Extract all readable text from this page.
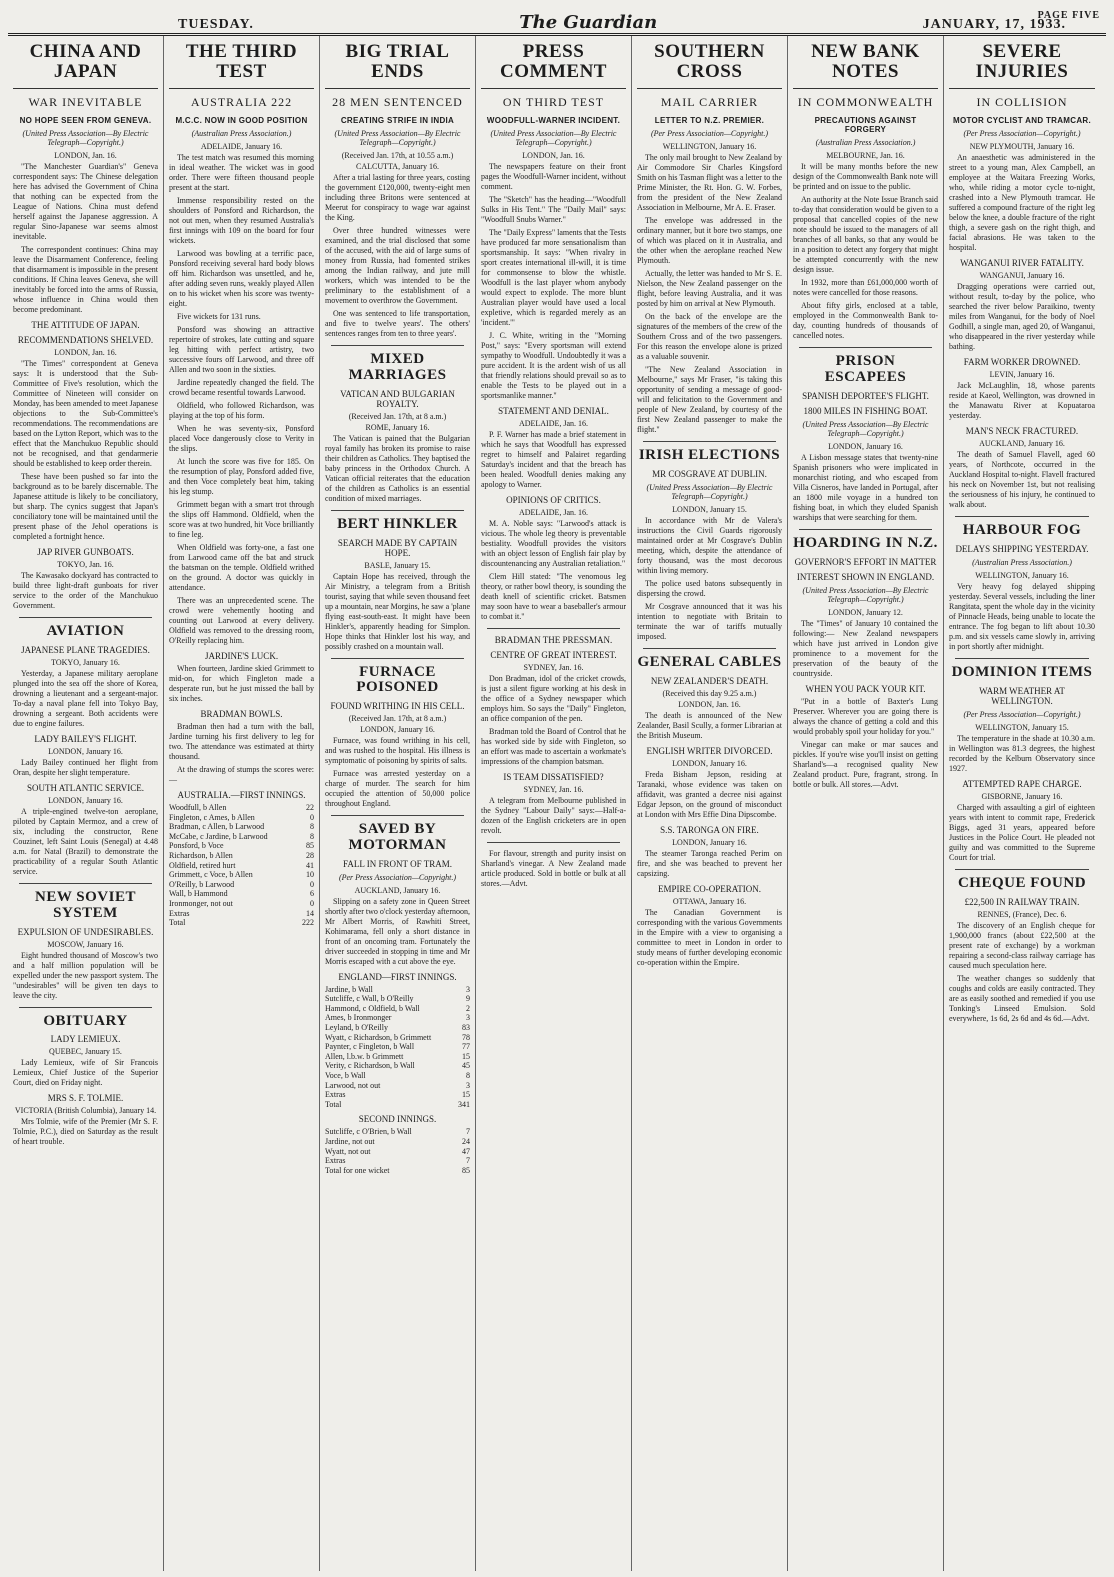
TUESDAY.	The Guardian	JANUARY, 17, 1933.
PAGE FIVE
CHINA AND JAPAN
WAR INEVITABLE
NO HOPE SEEN FROM GENEVA.
(United Press Association—By Electric Telegraph—Copyright.)
LONDON, Jan. 16.

"The Manchester Guardian's" Geneva correspondent says: The Chinese delegation here has advised the Government of China that nothing can be expected from the League of Nations. China must defend herself against the Japanese aggression. A regular Sino-Japanese war seems almost inevitable.

The correspondent continues: China may leave the Disarmament Conference, feeling that disarmament is impossible in the present conditions. If China leaves Geneva, she will inevitably be forced into the arms of Russia, whose influence in China would then become predominant.

THE ATTITUDE OF JAPAN.
RECOMMENDATIONS SHELVED.
LONDON, Jan. 16.

"The Times" correspondent at Geneva says: It is understood that the Sub-Committee of Five's resolution, which the Committee of Nineteen will consider on Monday, has been amended to meet Japanese objections to the Sub-Committee's recommendations. The recommendations are based on the Lytton Report, which was to the effect that the Manchukuo Republic should not be recognised, and that gendarmerie should be established to keep order therein.

These have been pushed so far into the background as to be barely discernable. The Japanese attitude is likely to be conciliatory, but sharp. The cynics suggest that Japan's conciliatory tone will be maintained until the present phase of the Jehol operations is completed a fortnight hence.

JAP RIVER GUNBOATS.
TOKYO, Jan. 16.

The Kawasako dockyard has contracted to build three light-draft gunboats for river service to the order of the Manchukuo Government.

AVIATION
JAPANESE PLANE TRAGEDIES.
TOKYO, January 16.

Yesterday, a Japanese military aeroplane plunged into the sea off the shore of Korea, drowning a lieutenant and a sergeant-major. To-day a naval plane fell into Tokyo Bay, drowning a sergeant. Both accidents were due to engine failures.

LADY BAILEY'S FLIGHT.
LONDON, January 16.

Lady Bailey continued her flight from Oran, despite her slight temperature.

SOUTH ATLANTIC SERVICE.
LONDON, January 16.

A triple-engined twelve-ton aeroplane, piloted by Captain Mermoz, and a crew of six, including the constructor, Rene Couzinet, left Saint Louis (Senegal) at 4.48 a.m. for Natal (Brazil) to demonstrate the practicability of a regular South Atlantic service.

NEW SOVIET SYSTEM
EXPULSION OF UNDESIRABLES.
MOSCOW, January 16.

Eight hundred thousand of Moscow's two and a half million population will be expelled under the new passport system. The "undesirables" will be given ten days to leave the city.

OBITUARY
LADY LEMIEUX.
QUEBEC, January 15.

Lady Lemieux, wife of Sir Francois Lemieux, Chief Justice of the Superior Court, died on Friday night.

MRS S. F. TOLMIE.
VICTORIA (British Columbia), January 14.

Mrs Tolmie, wife of the Premier (Mr S. F. Tolmie, P.C.), died on Saturday as the result of heart trouble.

THE THIRD TEST
AUSTRALIA 222
M.C.C. NOW IN GOOD POSITION
(Australian Press Association.)
ADELAIDE, January 16.

The test match was resumed this morning in ideal weather. The wicket was in good order. There were fifteen thousand people present at the start.

Immense responsibility rested on the shoulders of Ponsford and Richardson, the not out men, when they resumed Australia's first innings with 109 on the board for four wickets.

Larwood was bowling at a terrific pace, Ponsford receiving several hard body blows off him. Richardson was unsettled, and he, after adding seven runs, weakly played Allen on to his wicket when his score was twenty-eight.

Five wickets for 131 runs.

Ponsford was showing an attractive repertoire of strokes, late cutting and square leg hitting with perfect artistry, two successive fours off Larwood, and three off Allen and two soon in the sixties.

Jardine repeatedly changed the field. The crowd became resentful towards Larwood.

Oldfield, who followed Richardson, was playing at the top of his form.

When he was seventy-six, Ponsford placed Voce dangerously close to Verity in the slips.

At lunch the score was five for 185. On the resumption of play, Ponsford added five, and then Voce completely beat him, taking his leg stump.

Grimmett began with a smart trot through the slips off Hammond. Oldfield, when the score was at two hundred, hit Voce brilliantly to fine leg.

When Oldfield was forty-one, a fast one from Larwood came off the bat and struck the batsman on the temple. Oldfield writhed on the ground. A doctor was quickly in attendance.

There was an unprecedented scene. The crowd were vehemently hooting and counting out Larwood at every delivery. Oldfield was removed to the dressing room, O'Reilly replacing him.

JARDINE'S LUCK.

When fourteen, Jardine skied Grimmett to mid-on, for which Fingleton made a desperate run, but he just missed the ball by six inches.

BRADMAN BOWLS.

Bradman then had a turn with the ball, Jardine turning his first delivery to leg for two. The attendance was estimated at thirty thousand.

At the drawing of stumps the scores were:—

AUSTRALIA.—FIRST INNINGS.
Woodfull, b Allen	22
Fingleton, c Ames, b Allen	0
Bradman, c Allen, b Larwood	8
McCabe, c Jardine, b Larwood	8
Ponsford, b Voce	85
Richardson, b Allen	28
Oldfield, retired hurt	41
Grimmett, c Voce, b Allen	10
O'Reilly, b Larwood	0
Wall, b Hammond	6
Ironmonger, not out	0
Extras	14
Total	222
BIG TRIAL ENDS
28 MEN SENTENCED
CREATING STRIFE IN INDIA
(United Press Association—By Electric Telegraph—Copyright.)
(Received Jan. 17th, at 10.55 a.m.)
CALCUTTA, January 16.

After a trial lasting for three years, costing the government £120,000, twenty-eight men including three Britons were sentenced at Meerut for conspiracy to wage war against the King.

Over three hundred witnesses were examined, and the trial disclosed that some of the accused, with the aid of large sums of money from Russia, had fomented strikes among the Indian railway, and jute mill workers, which was intended to be the preliminary to the establishment of a movement to overthrow the Government.

One was sentenced to life transportation, and five to twelve years'. The others' sentences ranges from ten to three years'.

MIXED MARRIAGES
VATICAN AND BULGARIAN ROYALTY.
(Received Jan. 17th, at 8 a.m.)
ROME, January 16.

The Vatican is pained that the Bulgarian royal family has broken its promise to raise their children as Catholics. They baptised the baby princess in the Orthodox Church. A Vatican official reiterates that the education of the children as Catholics is an essential condition of mixed marriages.

BERT HINKLER
SEARCH MADE BY CAPTAIN HOPE.
BASLE, January 15.

Captain Hope has received, through the Air Ministry, a telegram from a British tourist, saying that while seven thousand feet up a mountain, near Morgins, he saw a 'plane flying east-south-east. It might have been Hinkler's, apparently heading for Simplon. Hope thinks that Hinkler lost his way, and possibly crashed on a mountain wall.

FURNACE POISONED
FOUND WRITHING IN HIS CELL.
(Received Jan. 17th, at 8 a.m.)
LONDON, January 16.

Furnace, was found writhing in his cell, and was rushed to the hospital. His illness is symptomatic of poisoning by spirits of salts.

Furnace was arrested yesterday on a charge of murder. The search for him occupied the attention of 50,000 police throughout England.

SAVED BY MOTORMAN
FALL IN FRONT OF TRAM.
(Per Press Association—Copyright.)
AUCKLAND, January 16.

Slipping on a safety zone in Queen Street shortly after two o'clock yesterday afternoon, Mr Albert Morris, of Rawhiti Street, Kohimarama, fell only a short distance in front of an oncoming tram. Fortunately the driver succeeded in stopping in time and Mr Morris escaped with a cut above the eye.

ENGLAND—FIRST INNINGS.
Jardine, b Wall	3
Sutcliffe, c Wall, b O'Reilly	9
Hammond, c Oldfield, b Wall	2
Ames, b Ironmonger	3
Leyland, b O'Reilly	83
Wyatt, c Richardson, b Grimmett	78
Paynter, c Fingleton, b Wall	77
Allen, l.b.w. b Grimmett	15
Verity, c Richardson, b Wall	45
Voce, b Wall	8
Larwood, not out	3
Extras	15
Total	341
SECOND INNINGS.
Sutcliffe, c O'Brien, b Wall	7
Jardine, not out	24
Wyatt, not out	47
Extras	7
Total for one wicket	85
PRESS COMMENT
ON THIRD TEST
WOODFULL-WARNER INCIDENT.
(United Press Association—By Electric Telegraph—Copyright.)
LONDON, Jan. 16.

The newspapers feature on their front pages the Woodfull-Warner incident, without comment.

The "Sketch" has the heading—"Woodfull Sulks in His Tent." The "Daily Mail" says: "Woodfull Snubs Warner."

The "Daily Express" laments that the Tests have produced far more sensationalism than sportsmanship. It says: "When rivalry in sport creates international ill-will, it is time for commonsense to blow the whistle. Woodfull is the last player whom anybody would expect to explode. The more blunt Australian player would have used a local expletive, which is regarded merely as an 'incident.'"

J. C. White, writing in the "Morning Post," says: "Every sportsman will extend sympathy to Woodfull. Undoubtedly it was a pure accident. It is the ardent wish of us all that friendly relations should prevail so as to enable the Tests to be played out in a sportsmanlike manner."

STATEMENT AND DENIAL.
ADELAIDE, Jan. 16.

P. F. Warner has made a brief statement in which he says that Woodfull has expressed regret to himself and Palairet regarding Saturday's incident and that the breach has been healed. Woodfull denies making any apology to Warner.

OPINIONS OF CRITICS.
ADELAIDE, Jan. 16.

M. A. Noble says: "Larwood's attack is vicious. The whole leg theory is preventable bestiality. Woodfull provides the visitors with an object lesson of English fair play by discountenancing any Australian retaliation."

Clem Hill stated: "The venomous leg theory, or rather bowl theory, is sounding the death knell of scientific cricket. Batsmen may soon have to wear a baseballer's armour to combat it."

BRADMAN THE PRESSMAN.
CENTRE OF GREAT INTEREST.
SYDNEY, Jan. 16.

Don Bradman, idol of the cricket crowds, is just a silent figure working at his desk in the office of a Sydney newspaper which employs him. So says the "Daily" Fingleton, an office companion of the pen.

Bradman told the Board of Control that he has worked side by side with Fingleton, so an effort was made to ascertain a workmate's impressions of the champion batsman.

IS TEAM DISSATISFIED?
SYDNEY, Jan. 16.

A telegram from Melbourne published in the Sydney "Labour Daily" says:—Half-a-dozen of the English cricketers are in open revolt.

For flavour, strength and purity insist on Sharland's vinegar. A New Zealand made article produced. Sold in bottle or bulk at all stores.—Advt.

SOUTHERN CROSS
MAIL CARRIER
LETTER TO N.Z. PREMIER.
(Per Press Association—Copyright.)
WELLINGTON, January 16.

The only mail brought to New Zealand by Air Commodore Sir Charles Kingsford Smith on his Tasman flight was a letter to the Prime Minister, the Rt. Hon. G. W. Forbes, from the president of the New Zealand Association in Melbourne, Mr A. E. Fraser.

The envelope was addressed in the ordinary manner, but it bore two stamps, one of which was placed on it in Australia, and the other when the aeroplane reached New Plymouth.

Actually, the letter was handed to Mr S. E. Nielson, the New Zealand passenger on the flight, before leaving Australia, and it was posted by him on arrival at New Plymouth.

On the back of the envelope are the signatures of the members of the crew of the Southern Cross and of the two passengers. For this reason the envelope alone is prized as a valuable souvenir.

"The New Zealand Association in Melbourne," says Mr Fraser, "is taking this opportunity of sending a message of good-will and felicitation to the Government and people of New Zealand, by courtesy of the first New Zealand passenger to make the flight."

IRISH ELECTIONS
MR COSGRAVE AT DUBLIN.
(United Press Association—By Electric Telegraph—Copyright.)
LONDON, January 15.

In accordance with Mr de Valera's instructions the Civil Guards rigorously maintained order at Mr Cosgrave's Dublin meeting, which, despite the attendance of forty thousand, was the most decorous within living memory.

The police used batons subsequently in dispersing the crowd.

Mr Cosgrave announced that it was his intention to negotiate with Britain to terminate the war of tariffs mutually imposed.

GENERAL CABLES
NEW ZEALANDER'S DEATH.
(Received this day 9.25 a.m.)
LONDON, Jan. 16.

The death is announced of the New Zealander, Basil Scully, a former Librarian at the British Museum.

ENGLISH WRITER DIVORCED.
LONDON, January 16.

Freda Bisham Jepson, residing at Taranaki, whose evidence was taken on affidavit, was granted a decree nisi against Edgar Jepson, on the ground of misconduct at London with Mrs Effie Dina Dipscombe.

S.S. TARONGA ON FIRE.
LONDON, January 16.

The steamer Taronga reached Perim on fire, and she was beached to prevent her capsizing.

EMPIRE CO-OPERATION.
OTTAWA, January 16.

The Canadian Government is corresponding with the various Governments in the Empire with a view to organising a committee to meet in London in order to study means of further developing economic co-operation within the Empire.

NEW BANK NOTES
IN COMMONWEALTH
PRECAUTIONS AGAINST FORGERY
(Australian Press Association.)
MELBOURNE, Jan. 16.

It will be many months before the new design of the Commonwealth Bank note will be printed and on issue to the public.

An authority at the Note Issue Branch said to-day that consideration would be given to a proposal that cancelled copies of the new note should be issued to the managers of all branches of all banks, so that any would be in a position to detect any forgery that might be attempted concurrently with the new design issue.

In 1932, more than £61,000,000 worth of notes were cancelled for those reasons.

About fifty girls, enclosed at a table, employed in the Commonwealth Bank to-day, counting hundreds of thousands of cancelled notes.

PRISON ESCAPEES
SPANISH DEPORTEE'S FLIGHT.
1800 MILES IN FISHING BOAT.
(United Press Association—By Electric Telegraph—Copyright.)
LONDON, January 16.

A Lisbon message states that twenty-nine Spanish prisoners who were implicated in monarchist rioting, and who escaped from Villa Cisneros, have landed in Portugal, after an 1800 mile voyage in a hundred ton fishing boat, in which they eluded Spanish warships that were searching for them.

HOARDING IN N.Z.
GOVERNOR'S EFFORT IN MATTER
INTEREST SHOWN IN ENGLAND.
(United Press Association—By Electric Telegraph—Copyright.)
LONDON, January 12.

The "Times" of January 10 contained the following:— New Zealand newspapers which have just arrived in London give prominence to a movement for the preservation of the beauty of the countryside.

WHEN YOU PACK YOUR KIT.

"Put in a bottle of Baxter's Lung Preserver. Wherever you are going there is always the chance of getting a cold and this would probably spoil your holiday for you."

Vinegar can make or mar sauces and pickles. If you're wise you'll insist on getting Sharland's—a recognised quality New Zealand product. Pure, fragrant, strong. In bottle or bulk. All stores.—Advt.

SEVERE INJURIES
IN COLLISION
MOTOR CYCLIST AND TRAMCAR.
(Per Press Association—Copyright.)
NEW PLYMOUTH, January 16.

An anaesthetic was administered in the street to a young man, Alex Campbell, an employee at the Waitara Freezing Works, who, while riding a motor cycle to-night, crashed into a New Plymouth tramcar. He suffered a compound fracture of the right leg below the knee, a double fracture of the right thigh, a severe gash on the right thigh, and facial abrasions. He was taken to the hospital.

WANGANUI RIVER FATALITY.
WANGANUI, January 16.

Dragging operations were carried out, without result, to-day by the police, who searched the river below Paraikino, twenty miles from Wanganui, for the body of Noel Godhill, a single man, aged 20, of Wanganui, who disappeared in the river yesterday while bathing.

FARM WORKER DROWNED.
LEVIN, January 16.

Jack McLaughlin, 18, whose parents reside at Kaeol, Wellington, was drowned in the Manawatu River at Kopuataroa yesterday.

MAN'S NECK FRACTURED.
AUCKLAND, January 16.

The death of Samuel Flavell, aged 60 years, of Northcote, occurred in the Auckland Hospital to-night. Flavell fractured his neck on November 1st, but not realising the seriousness of his injury, he continued to walk about.

HARBOUR FOG
DELAYS SHIPPING YESTERDAY.
(Australian Press Association.)
WELLINGTON, January 16.

Very heavy fog delayed shipping yesterday. Several vessels, including the liner Rangitata, spent the whole day in the vicinity of Pinnacle Heads, being unable to locate the entrance. The fog began to lift about 10.30 p.m. and six vessels came slowly in, arriving in port shortly after midnight.

DOMINION ITEMS
WARM WEATHER AT WELLINGTON.
(Per Press Association—Copyright.)
WELLINGTON, January 15.

The temperature in the shade at 10.30 a.m. in Wellington was 81.3 degrees, the highest recorded by the Kelburn Observatory since 1927.

ATTEMPTED RAPE CHARGE.
GISBORNE, January 16.

Charged with assaulting a girl of eighteen years with intent to commit rape, Frederick Biggs, aged 31 years, appeared before Justices in the Police Court. He pleaded not guilty and was committed to the Supreme Court for trial.

CHEQUE FOUND
£22,500 IN RAILWAY TRAIN.
RENNES, (France), Dec. 6.

The discovery of an English cheque for 1,900,000 francs (about £22,500 at the present rate of exchange) by a workman repairing a second-class railway carriage has caused much speculation here.

The weather changes so suddenly that coughs and colds are easily contracted. They are as easily soothed and remedied if you use Tonking's Linseed Emulsion. Sold everywhere, 1s 6d, 2s 6d and 4s 6d.—Advt.
